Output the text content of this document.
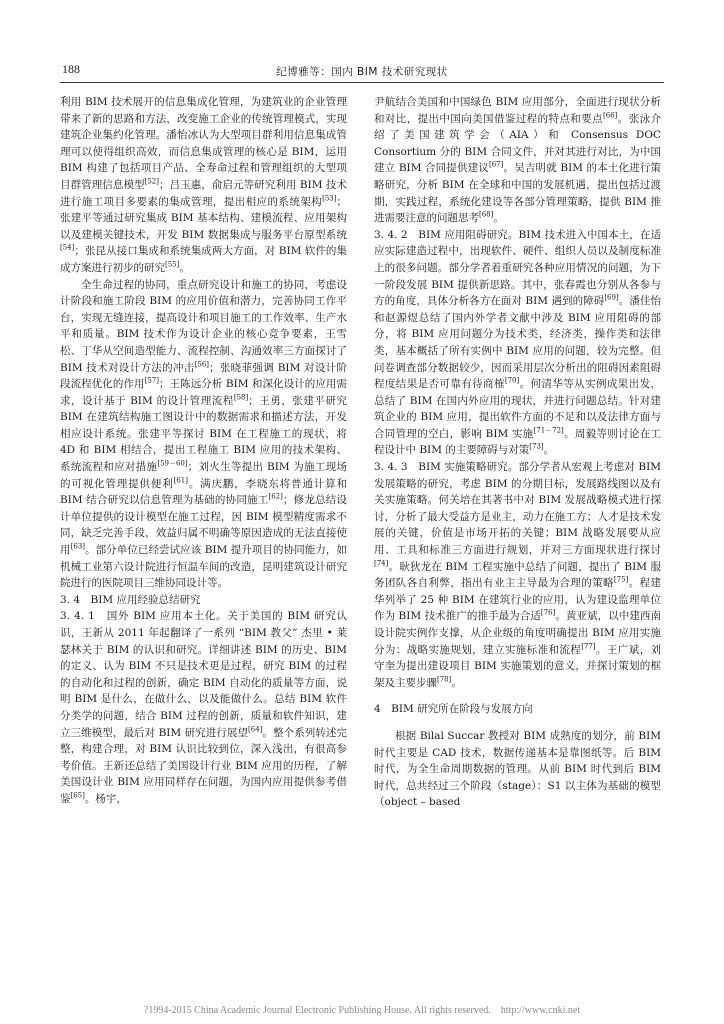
188	纪博雅等：国内 BIM 技术研究现状

利用 BIM 技术展开的信息集成化管理，为建筑业的企业管理带来了新的思路和方法，改变施工企业的传统管理模式，实现建筑企业集约化管理。潘怡冰认为大型项目群利用信息集成管理可以使得组织高效，而信息集成管理的核心是 BIM，运用 BIM 构建了包括项目产品、全寿命过程和管理组织的大型项目群管理信息模型[52]；吕玉惠，俞启元等研究利用 BIM 技术进行施工项目多要素的集成管理，提出相应的系统架构[53]；张建平等通过研究集成 BIM 基本结构、建模流程、应用架构以及建模关键技术，开发 BIM 数据集成与服务平台原型系统[54]；张昆从接口集成和系统集成两大方面，对 BIM 软件的集成方案进行初步的研究[55]。

全生命过程的协同，重点研究设计和施工的协同，考虑设计阶段和施工阶段 BIM 的应用价值和潜力，完善协同工作平台，实现无缝连接，提高设计和项目施工的工作效率、生产水平和质量。BIM 技术作为设计企业的核心竞争要素，王雪松、丁华从空间造型能力、流程控制、沟通效率三方面探讨了 BIM 技术对设计方法的冲击[56]；张晓菲强调 BIM 对设计阶段流程优化的作用[57]；王陈远分析 BIM 和深化设计的应用需求，设计基于 BIM 的设计管理流程[58]；王勇，张建平研究 BIM 在建筑结构施工图设计中的数据需求和描述方法，开发相应设计系统。张建平等探讨 BIM 在工程施工的现状，将 4D 和 BIM 相结合，提出工程施工 BIM 应用的技术架构、系统流程和应对措施[59－60]；刘火生等提出 BIM 为施工现场的可视化管理提供便利[61]。满庆鹏，李晓东将普通计算和 BIM 结合研究以信息管理为基础的协同施工[62]；修龙总结设计单位提供的设计模型在施工过程，因 BIM 模型精度需求不同，缺乏完善手段，效益归属不明确等原因造成的无法直接使用[63]。部分单位已经尝试应该 BIM 提升项目的协同能力，如机械工业第六设计院进行恒温车间的改造，昆明建筑设计研究院进行的医院项目三维协同设计等。

3. 4　BIM 应用经验总结研究

3. 4. 1　国外 BIM 应用本土化。关于美国的 BIM 研究认识，王新从 2011 年起翻译了一系列 “BIM 教父” 杰里 • 莱瑟林关于 BIM 的认识和研究。详细讲述 BIM 的历史、BIM 的定义、认为 BIM 不只是技术更是过程，研究 BIM 的过程的自动化和过程的创新，确定 BIM 自动化的质量等方面，说明 BIM 是什么，在做什么，以及能做什么。总结 BIM 软件分类学的问题，结合 BIM 过程的创新，质量和软件知识，建立三维模型，最后对 BIM 研究进行展望[64]。整个系列转述完整，构建合理，对 BIM 认识比较到位，深入浅出，有很高参考价值。王新还总结了美国设计行业 BIM 应用的历程，了解美国设计业 BIM 应用同样存在问题，为国内应用提供参考借鉴[65]。杨宇，

尹航结合美国和中国绿色 BIM 应用部分，全面进行现状分析和对比，提出中国向美国借鉴过程的特点和要点[66]。张泳介绍了美国建筑学会（AIA）和 Consensus DOC Consortium 分的 BIM 合同文件，并对其进行对比，为中国建立 BIM 合同提供建议[67]。吴吉明就 BIM 的本土化进行策略研究，分析 BIM 在全球和中国的发展机遇，提出包括过渡期，实践过程，系统化建设等各部分管理策略，提供 BIM 推进需要注意的问题思考[68]。

3. 4. 2　BIM 应用阻碍研究。BIM 技术进入中国本土，在适应实际建造过程中，出现软件、硬件、组织人员以及制度标准上的很多问题。部分学者着重研究各种应用情况的问题，为下一阶段发展 BIM 提供新思路。其中，张春霞也分别从各参与方的角度，具体分析各方在面对 BIM 遇到的障碍[69]。潘佳怡和赵源煜总结了国内外学者文献中涉及 BIM 应用阻碍的部分，将 BIM 应用问题分为技术类，经济类，操作类和法律类，基本概括了所有实例中 BIM 应用的问题，较为完整。但问卷调查部分数据较少，因而采用层次分析出的阻碍因素阻碍程度结果是否可靠有待商榷[70]。何清华等从实例成果出发，总结了 BIM 在国内外应用的现状，并进行问题总结。针对建筑企业的 BIM 应用，提出软件方面的不足和以及法律方面与合同管理的空白，影响 BIM 实施[71－72]。周毅等则讨论在工程设计中 BIM 的主要障碍与对策[73]。

3. 4. 3　BIM 实施策略研究。部分学者从宏观上考虑对 BIM 发展策略的研究，考虑 BIM 的分期目标，发展路线图以及有关实施策略。何关培在其著书中对 BIM 发展战略模式进行探讨，分析了最大受益方是业主，动力在施工方；人才是技术发展的关键，价值是市场开拓的关键；BIM 战略发展要从应用、工具和标准三方面进行规划，并对三方面现状进行探讨[74]。耿狄龙在 BIM 工程实施中总结了问题，提出了 BIM 服务团队各自利弊，指出有业主主导最为合理的策略[75]。程建华列举了 25 种 BIM 在建筑行业的应用，认为建设监理单位作为 BIM 技术推广的推手最为合适[76]。黄亚斌，以中建西南设计院实例作支撑，从企业级的角度明确提出 BIM 应用实施分为：战略实施规划，建立实施标准和流程[77]。王广斌，刘守奎为提出建设项目 BIM 实施策划的意义，并探讨策划的框架及主要步骤[78]。

4　BIM 研究所在阶段与发展方向

根据 Bilal Succar 教授对 BIM 成熟度的划分，前 BIM 时代主要是 CAD 技术，数据传递基本是靠图纸等。后 BIM 时代，为全生命周期数据的管理。从前 BIM 时代到后 BIM 时代，总共经过三个阶段（stage）：S1 以主体为基础的模型（object – based

?1994-2015 China Academic Journal Electronic Publishing House. All rights reserved.　http://www.cnki.net
